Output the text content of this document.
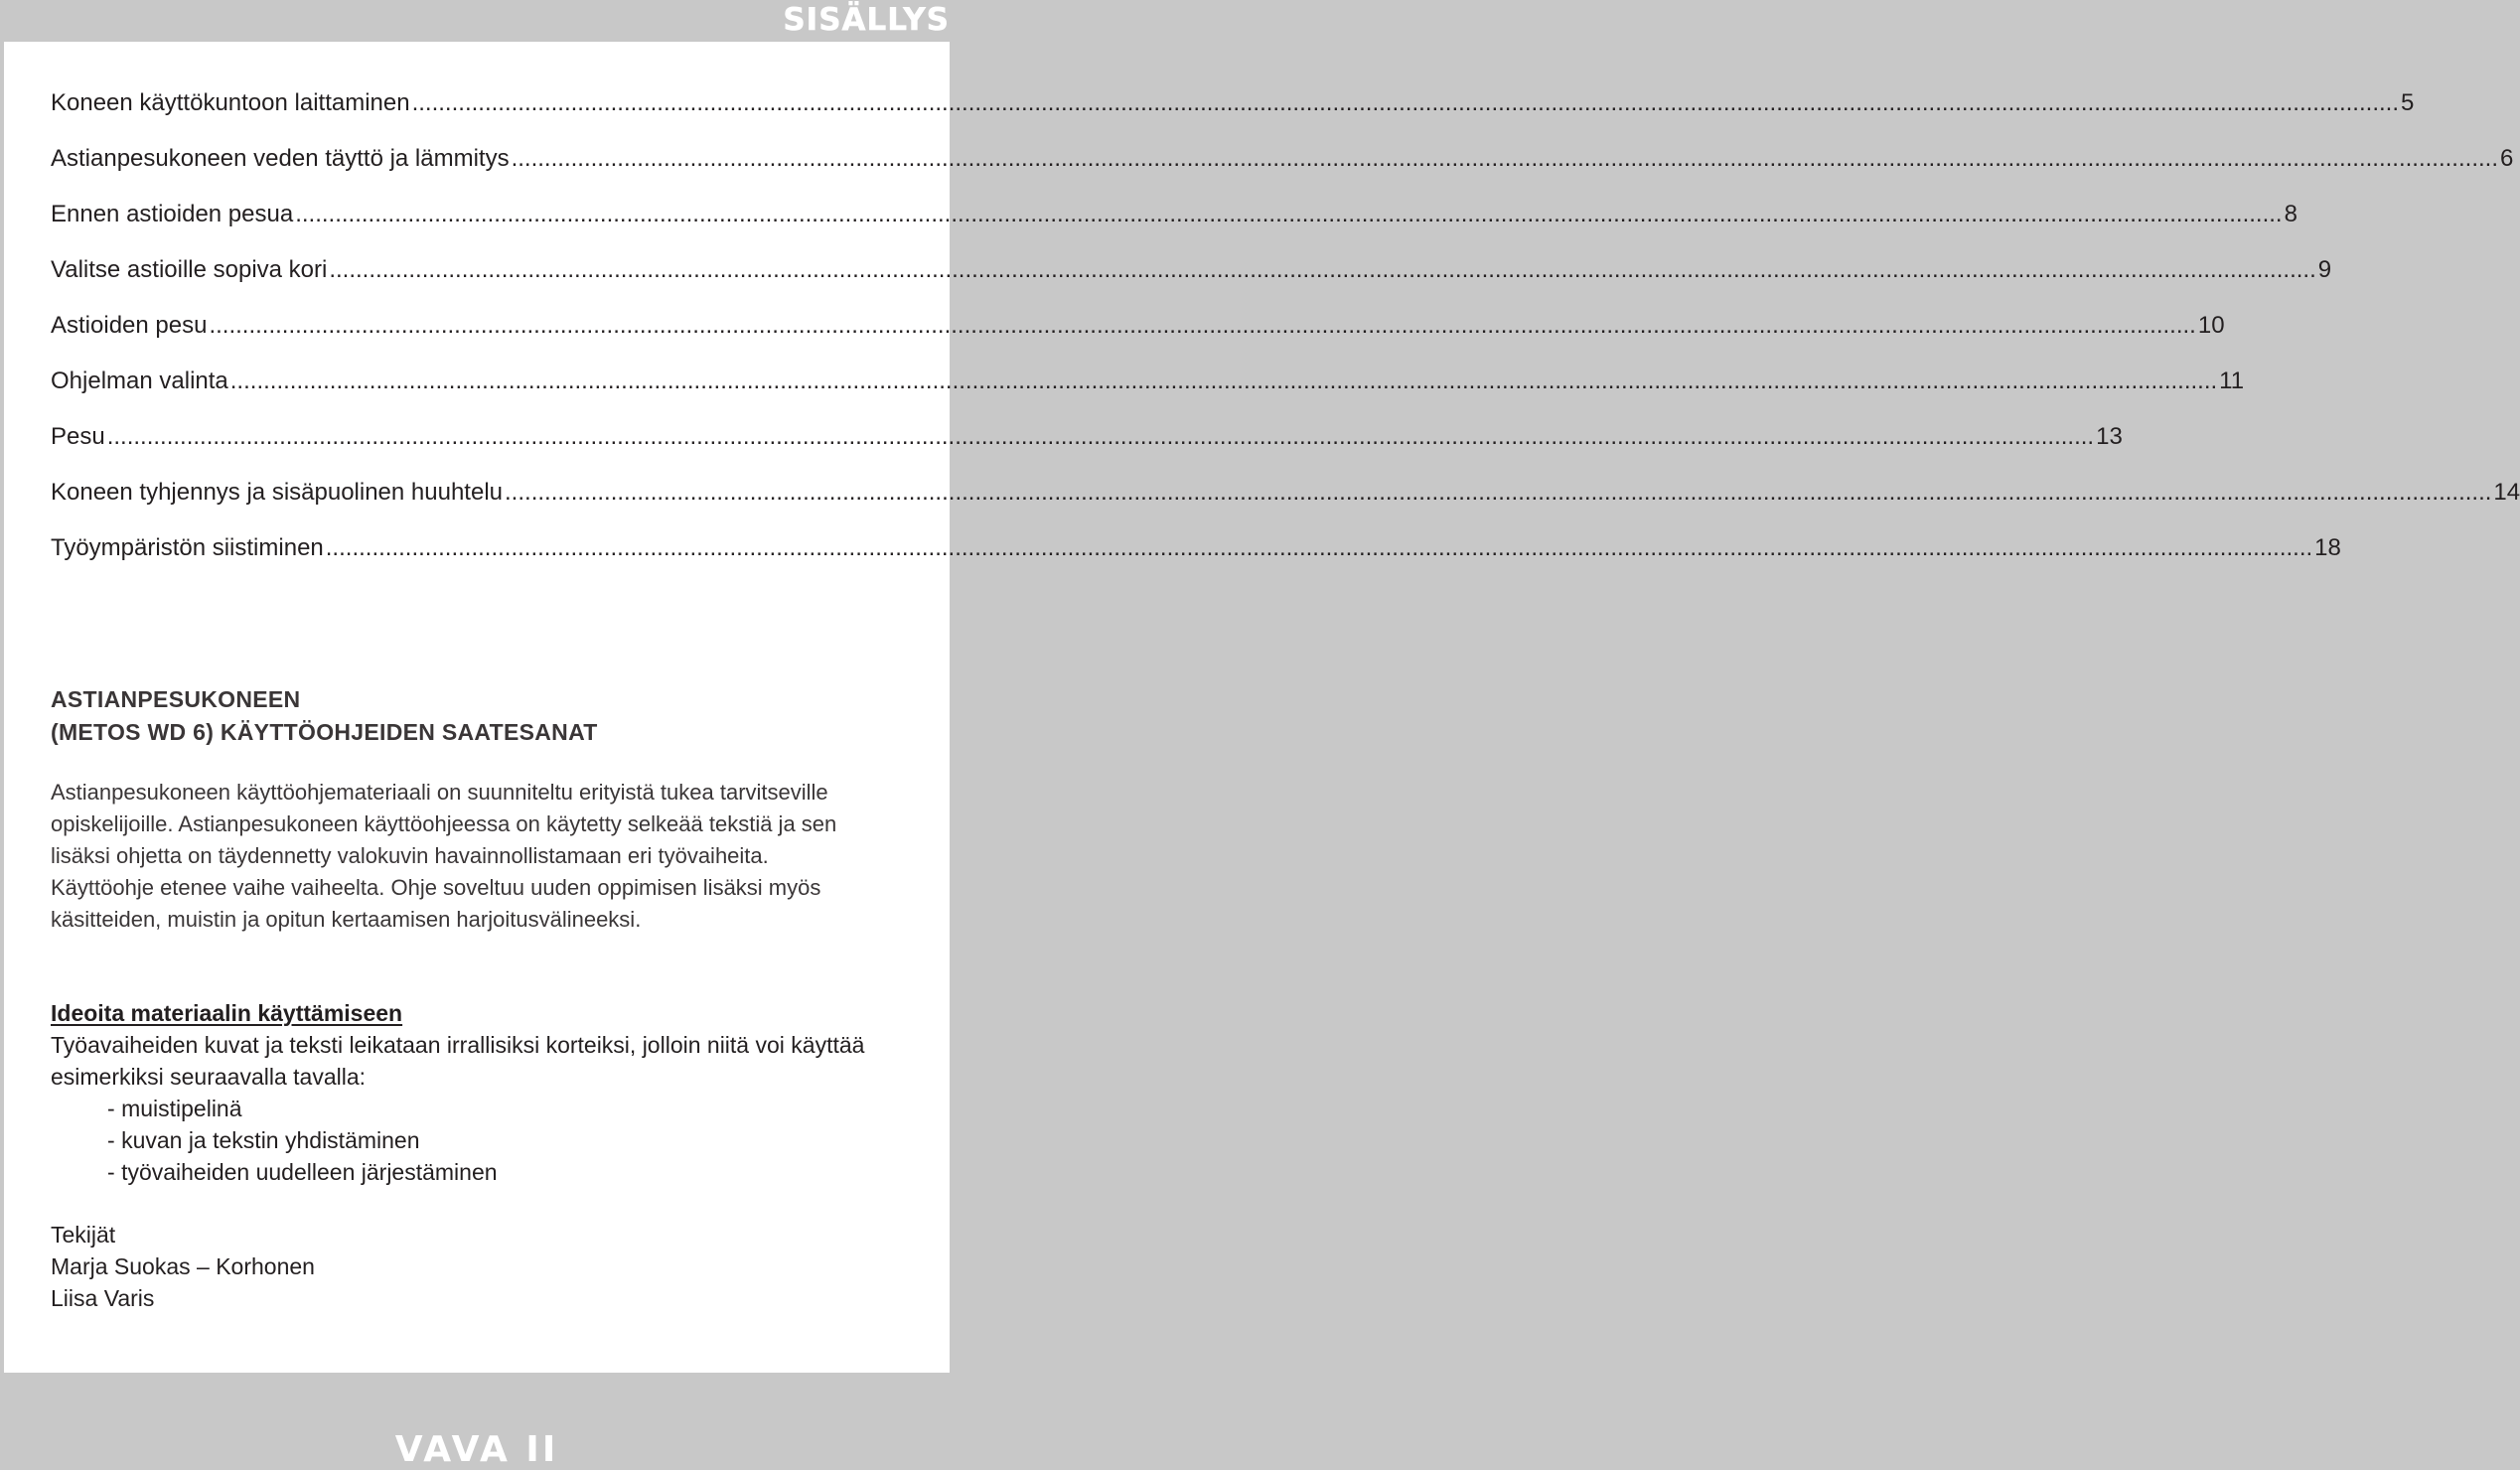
SISÄLLYS
Koneen käyttökuntoon laittaminen ............................................................................................................................................................................................................................................................................................................ 5
Astianpesukoneen veden täyttö ja lämmitys ............................................................................................................................................................................................................................................................................................................ 6
Ennen astioiden pesua ............................................................................................................................................................................................................................................................................................................ 8
Valitse astioille sopiva kori ............................................................................................................................................................................................................................................................................................................ 9
Astioiden pesu ............................................................................................................................................................................................................................................................................................................ 10
Ohjelman valinta ............................................................................................................................................................................................................................................................................................................ 11
Pesu ............................................................................................................................................................................................................................................................................................................ 13
Koneen tyhjennys ja sisäpuolinen huuhtelu ............................................................................................................................................................................................................................................................................................................ 14
Työympäristön siistiminen ............................................................................................................................................................................................................................................................................................................ 18
ASTIANPESUKONEEN
(METOS WD 6) KÄYTTÖOHJEIDEN SAATESANAT

Astianpesukoneen käyttöohjemateriaali on suunniteltu erityistä tukea tarvitseville opiskelijoille. Astianpesukoneen käyttöohjeessa on käytetty selkeää tekstiä ja sen lisäksi ohjetta on täydennetty valokuvin havainnollistamaan eri työvaiheita. Käyttöohje etenee vaihe vaiheelta. Ohje soveltuu uuden oppimisen lisäksi myös käsitteiden, muistin ja opitun kertaamisen harjoitusvälineeksi.

Ideoita materiaalin käyttämiseen

Työavaiheiden kuvat ja teksti leikataan irrallisiksi korteiksi, jolloin niitä voi käyttää esimerkiksi seuraavalla tavalla:

- muistipelinä
- kuvan ja tekstin yhdistäminen
- työvaiheiden uudelleen järjestäminen
Tekijät
Marja Suokas – Korhonen
Liisa Varis
VAVA II
